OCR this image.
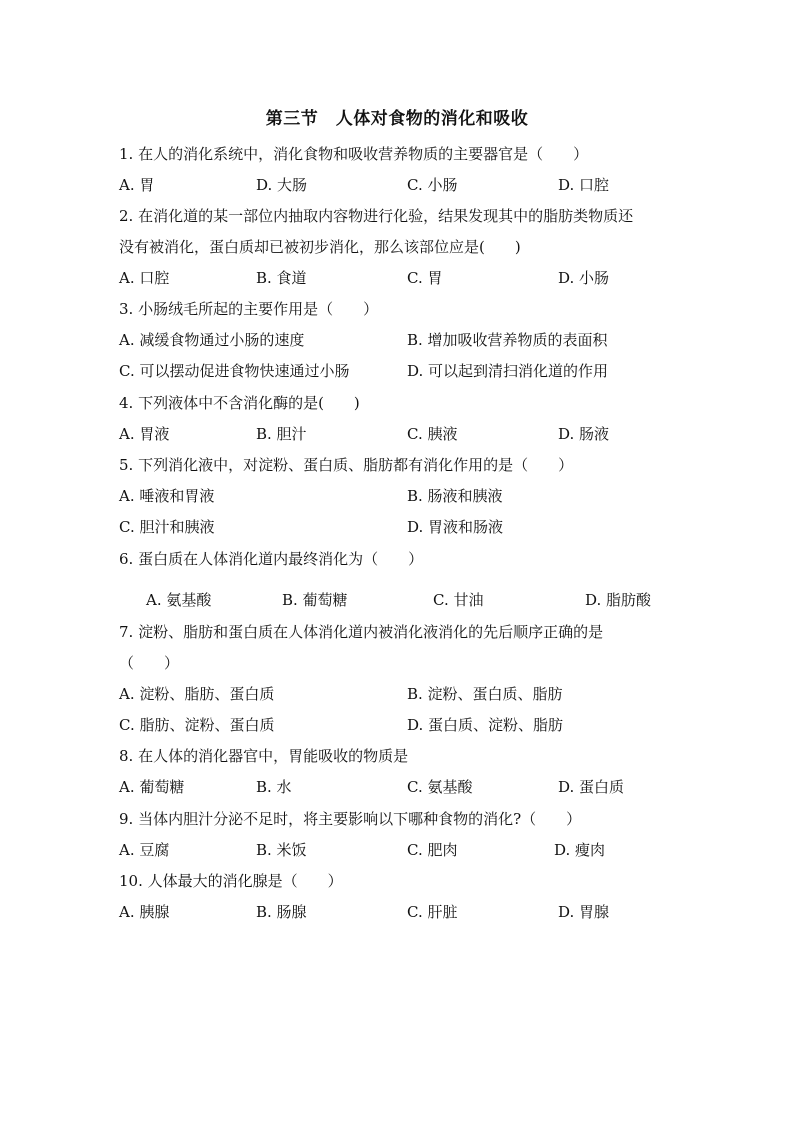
第三节　人体对食物的消化和吸收
1. 在人的消化系统中，消化食物和吸收营养物质的主要器官是（　　）
A. 胃	D. 大肠	C. 小肠	D. 口腔
2. 在消化道的某一部位内抽取内容物进行化验，结果发现其中的脂肪类物质还
没有被消化，蛋白质却已被初步消化，那么该部位应是(　　)
A. 口腔	B. 食道	C. 胃	D. 小肠
3. 小肠绒毛所起的主要作用是（　　）
A. 减缓食物通过小肠的速度	B. 增加吸收营养物质的表面积
C. 可以摆动促进食物快速通过小肠	D. 可以起到清扫消化道的作用
4. 下列液体中不含消化酶的是(　　)
A. 胃液	B. 胆汁	C. 胰液	D. 肠液
5. 下列消化液中，对淀粉、蛋白质、脂肪都有消化作用的是（　　）
A. 唾液和胃液	B. 肠液和胰液
C. 胆汁和胰液	D. 胃液和肠液
6. 蛋白质在人体消化道内最终消化为（　　）
A. 氨基酸	B. 葡萄糖	C. 甘油	D. 脂肪酸
7. 淀粉、脂肪和蛋白质在人体消化道内被消化液消化的先后顺序正确的是
（　　）
A. 淀粉、脂肪、蛋白质	B. 淀粉、蛋白质、脂肪
C. 脂肪、淀粉、蛋白质	D. 蛋白质、淀粉、脂肪
8. 在人体的消化器官中，胃能吸收的物质是
A. 葡萄糖	B. 水	C. 氨基酸	D. 蛋白质
9. 当体内胆汁分泌不足时，将主要影响以下哪种食物的消化?（　　）
A. 豆腐	B. 米饭	C. 肥肉	D. 瘦肉
10. 人体最大的消化腺是（　　）
A. 胰腺	B. 肠腺	C. 肝脏	D. 胃腺
